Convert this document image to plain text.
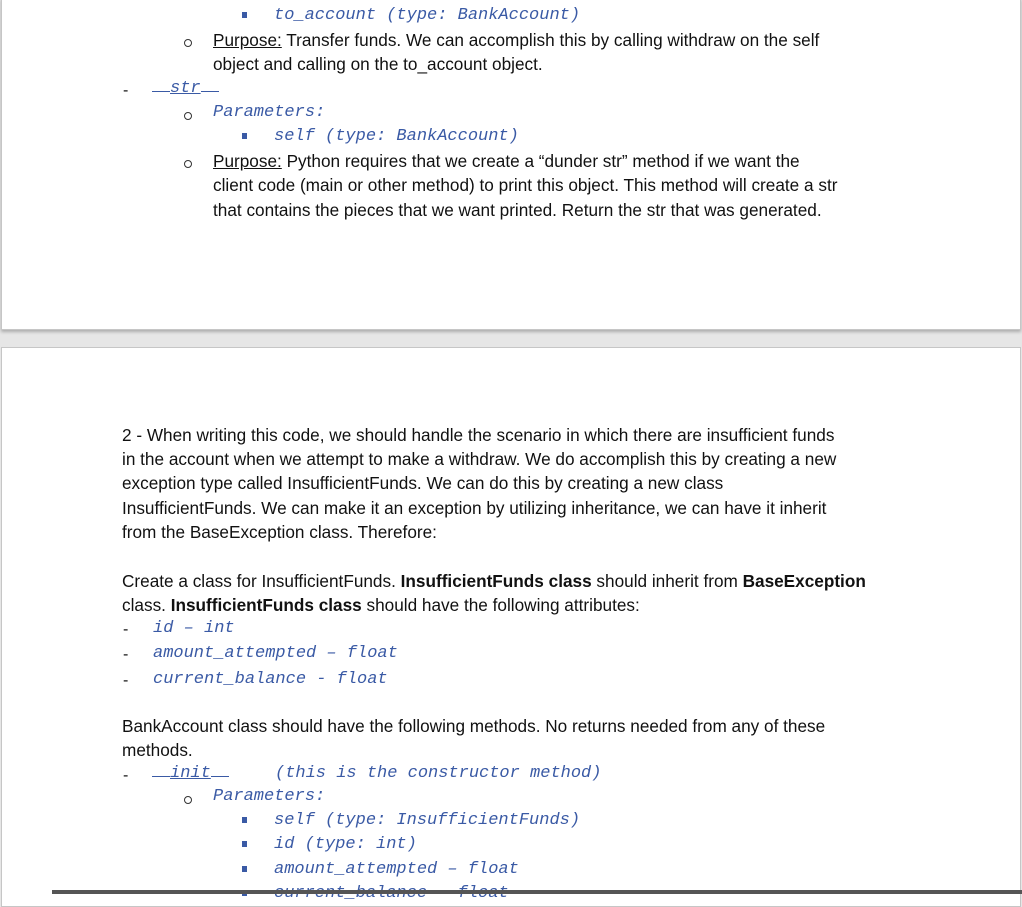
to_account (type: BankAccount)
Purpose: Transfer funds. We can accomplish this by calling withdraw on the self
object and calling on the to_account object.
-	str
Parameters:
self (type: BankAccount)
Purpose: Python requires that we create a “dunder str” method if we want the
client code (main or other method) to print this object. This method will create a str
that contains the pieces that we want printed. Return the str that was generated.
2 - When writing this code, we should handle the scenario in which there are insufficient funds
in the account when we attempt to make a withdraw. We do accomplish this by creating a new
exception type called InsufficientFunds. We can do this by creating a new class
InsufficientFunds. We can make it an exception by utilizing inheritance, we can have it inherit
from the BaseException class. Therefore:
Create a class for InsufficientFunds. InsufficientFunds class should inherit from BaseException
class. InsufficientFunds class should have the following attributes:
- id – int
- amount_attempted – float
- current_balance - float
BankAccount class should have the following methods. No returns needed from any of these
methods.
-	init	(this is the constructor method)
Parameters:
self (type: InsufficientFunds)
id (type: int)
amount_attempted – float
